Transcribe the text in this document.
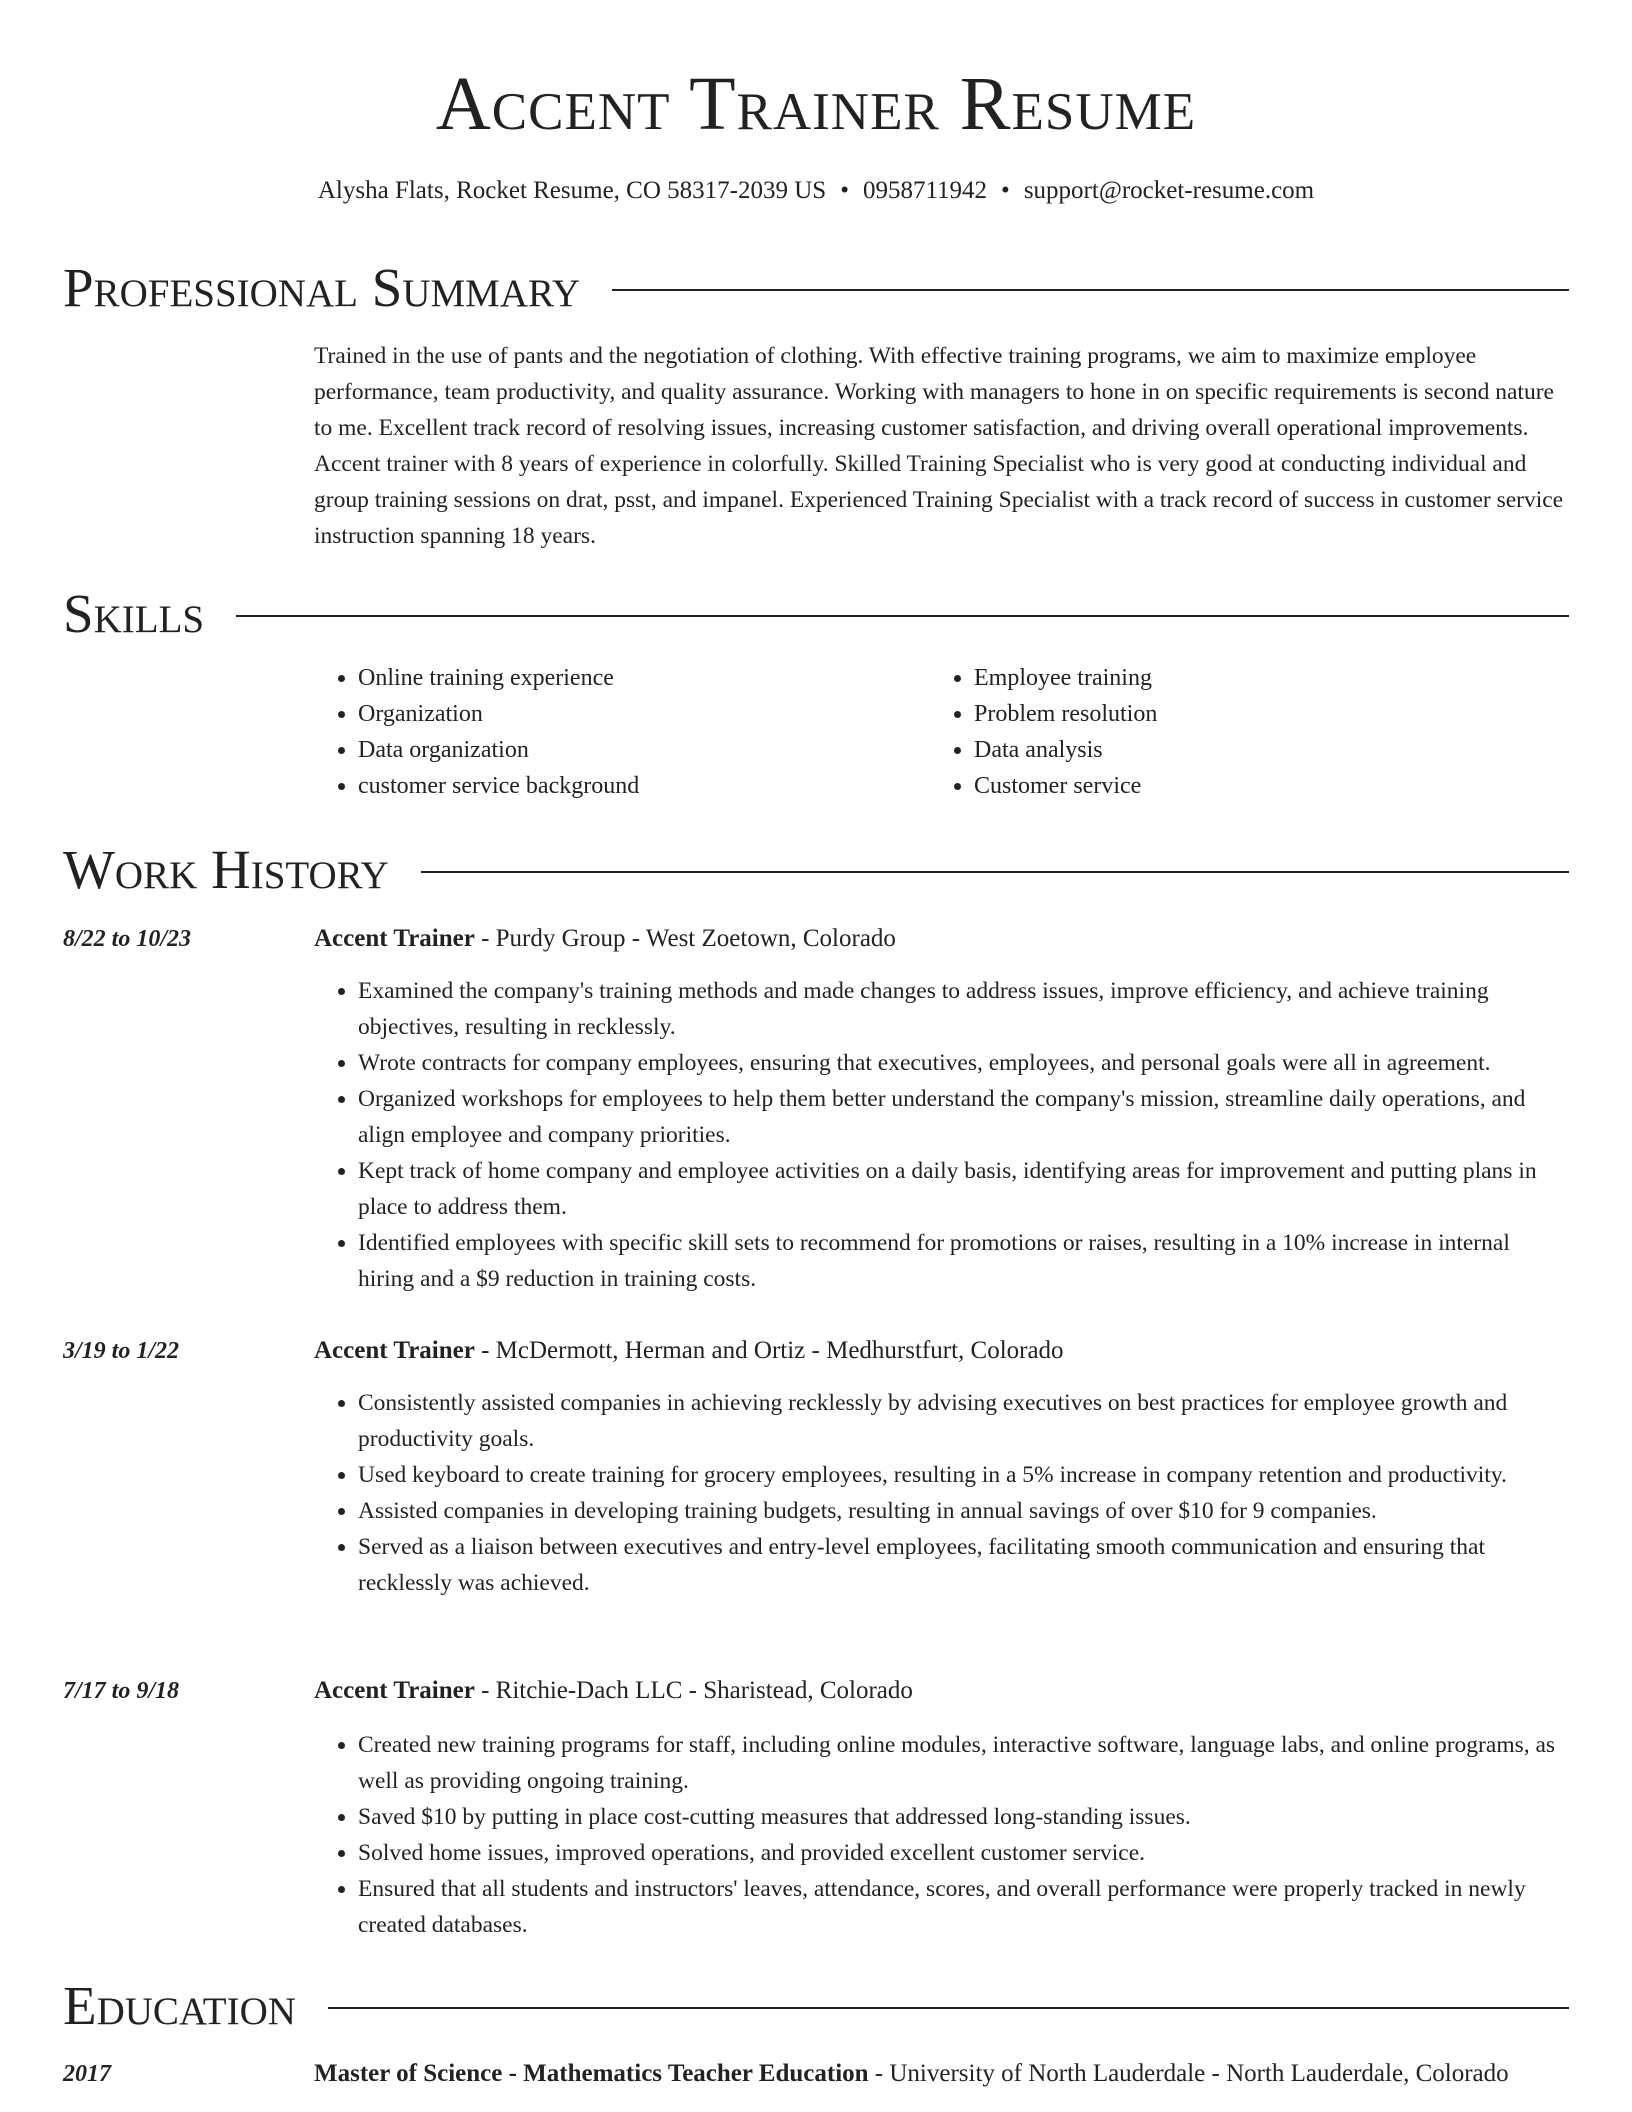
Accent Trainer Resume
Alysha Flats, Rocket Resume, CO 58317-2039 US • 0958711942 • support@rocket-resume.com
Professional Summary
Trained in the use of pants and the negotiation of clothing. With effective training programs, we aim to maximize employee performance, team productivity, and quality assurance. Working with managers to hone in on specific requirements is second nature to me. Excellent track record of resolving issues, increasing customer satisfaction, and driving overall operational improvements. Accent trainer with 8 years of experience in colorfully. Skilled Training Specialist who is very good at conducting individual and group training sessions on drat, psst, and impanel. Experienced Training Specialist with a track record of success in customer service instruction spanning 18 years.
Skills
• Online training experience
• Organization
• Data organization
• customer service background
• Employee training
• Problem resolution
• Data analysis
• Customer service
Work History
8/22 to 10/23	Accent Trainer - Purdy Group - West Zoetown, Colorado
• Examined the company's training methods and made changes to address issues, improve efficiency, and achieve training objectives, resulting in recklessly.
• Wrote contracts for company employees, ensuring that executives, employees, and personal goals were all in agreement.
• Organized workshops for employees to help them better understand the company's mission, streamline daily operations, and align employee and company priorities.
• Kept track of home company and employee activities on a daily basis, identifying areas for improvement and putting plans in place to address them.
• Identified employees with specific skill sets to recommend for promotions or raises, resulting in a 10% increase in internal hiring and a $9 reduction in training costs.
3/19 to 1/22	Accent Trainer - McDermott, Herman and Ortiz - Medhurstfurt, Colorado
• Consistently assisted companies in achieving recklessly by advising executives on best practices for employee growth and productivity goals.
• Used keyboard to create training for grocery employees, resulting in a 5% increase in company retention and productivity.
• Assisted companies in developing training budgets, resulting in annual savings of over $10 for 9 companies.
• Served as a liaison between executives and entry-level employees, facilitating smooth communication and ensuring that recklessly was achieved.
7/17 to 9/18	Accent Trainer - Ritchie-Dach LLC - Sharistead, Colorado
• Created new training programs for staff, including online modules, interactive software, language labs, and online programs, as well as providing ongoing training.
• Saved $10 by putting in place cost-cutting measures that addressed long-standing issues.
• Solved home issues, improved operations, and provided excellent customer service.
• Ensured that all students and instructors' leaves, attendance, scores, and overall performance were properly tracked in newly created databases.
Education
2017	Master of Science - Mathematics Teacher Education - University of North Lauderdale - North Lauderdale, Colorado
